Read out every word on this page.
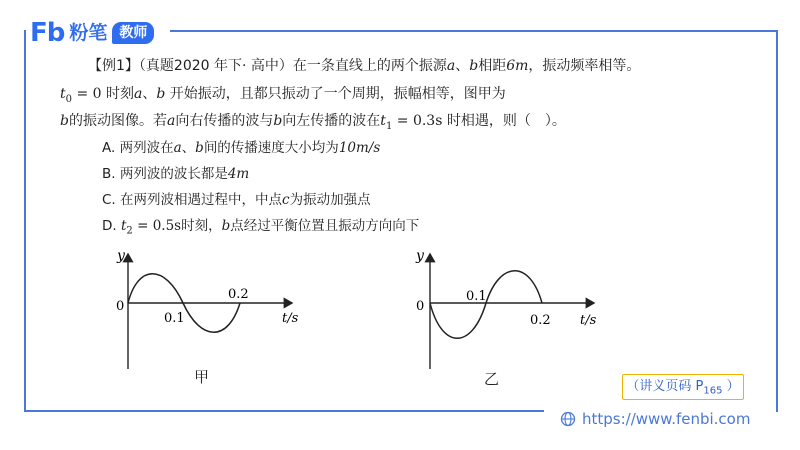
Fb 粉笔 教师
【例1】（真题2020 年下· 高中）在一条直线上的两个振源a、b相距6m，振动频率相等。
$t_0 = 0$ 时刻a、b 开始振动，且都只振动了一个周期，振幅相等，图甲为
b的振动图像。若a向右传播的波与b向左传播的波在$t_1 = 0.3s$ 时相遇，则（　）。
A. 两列波在a、b间的传播速度大小均为10m/s
B. 两列波的波长都是4m
C. 在两列波相遇过程中，中点c为振动加强点
D. $t_2 = 0.5s$时刻，b点经过平衡位置且振动方向向下
y
0
0.1
0.2
t/s
甲
y
0
0.1
0.2 t/s
乙	（讲义页码 $P_{165}$ ）
https://www.fenbi.com
